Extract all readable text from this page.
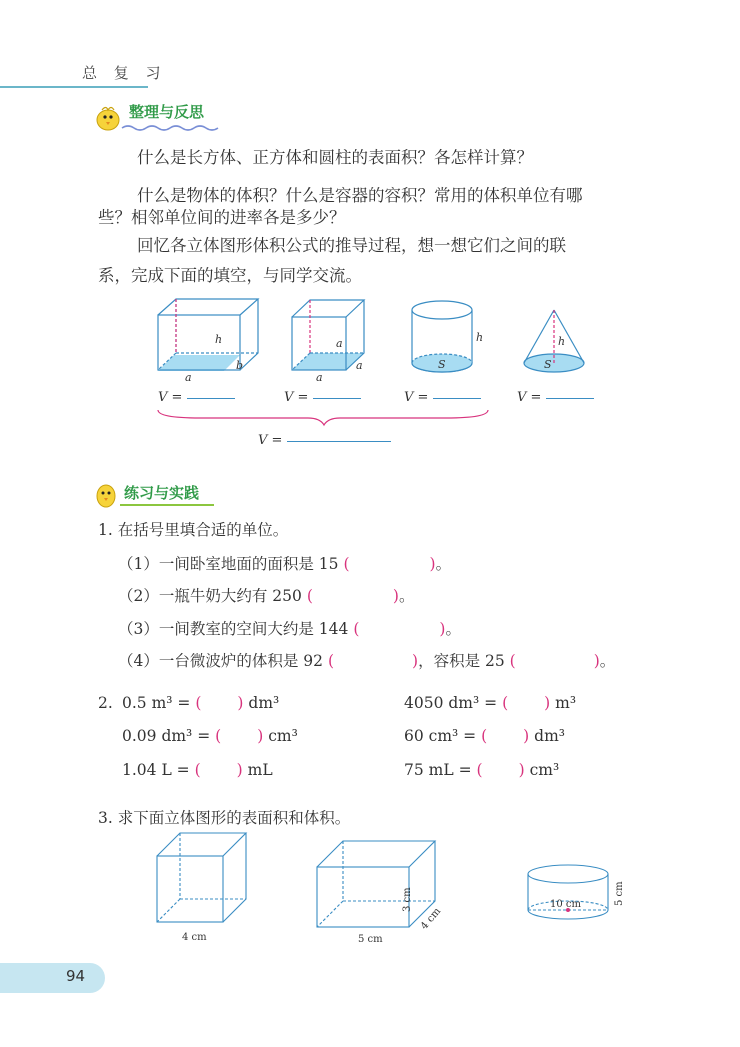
总 复 习
整理与反思
什么是长方体、正方体和圆柱的表面积？各怎样计算？
什么是物体的体积？什么是容器的容积？常用的体积单位有哪
些？相邻单位间的进率各是多少？
回忆各立体图形体积公式的推导过程，想一想它们之间的联
系，完成下面的填空，与同学交流。
h
a
b
a
a
a
h
S
h
S
V =	V =	V =	V =
V =
练习与实践
1. 在括号里填合适的单位。
（1）一间卧室地面的面积是 15 (	)。
（2）一瓶牛奶大约有 250 (	)。
（3）一间教室的空间大约是 144 (	)。
（4）一台微波炉的体积是 92 (	)，容积是 25 (	)。
2. 0.5 m³ = ( ) dm³
0.09 dm³ = ( ) cm³
1.04 L = ( ) mL
4050 dm³ = ( ) m³
60 cm³ = ( ) dm³
75 mL = ( ) cm³
3. 求下面立体图形的表面积和体积。
4 cm	5 cm
3 cm
4 cm
10 cm	5 cm
94
